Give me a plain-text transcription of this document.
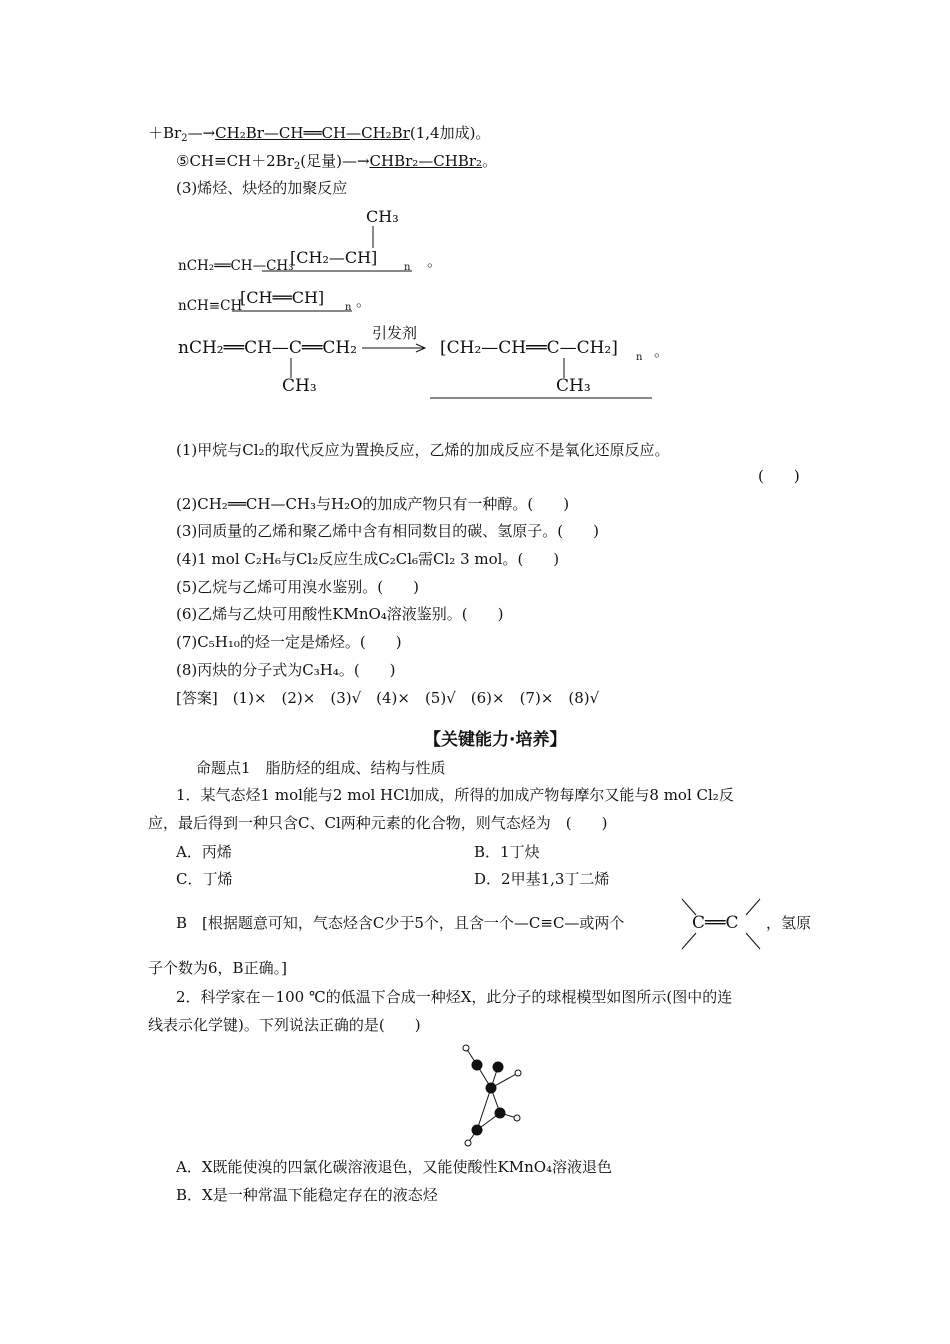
$+Br_2—\to CH_2Br—CH══CH—CH_2Br(1,4$加成)。
$⑤CH\equiv CH+2Br_2$(足量)—→CHBr₂—CHBr₂。
(3)烯烃、炔烃的加聚反应
CH₃
nCH₂══CH—CH₃
[CH₂—CH]
n 。
nCH≡CH
[CH══CH]
n 。
nCH₂══CH—C══CH₂
CH₃
引发剂
[CH₂—CH══C—CH₂] n 。
CH₃
(1)甲烷与Cl₂的取代反应为置换反应，乙烯的加成反应不是氧化还原反应。
(　　)
(2)CH₂══CH—CH₃与H₂O的加成产物只有一种醇。(　　)
(3)同质量的乙烯和聚乙烯中含有相同数目的碳、氢原子。(　　)
(4)1 mol C₂H₆与Cl₂反应生成C₂Cl₆需Cl₂ 3 mol。(　　)
(5)乙烷与乙烯可用溴水鉴别。(　　)
(6)乙烯与乙炔可用酸性KMnO₄溶液鉴别。(　　)
(7)C₅H₁₀的烃一定是烯烃。(　　)
(8)丙炔的分子式为C₃H₄。(　　)
[答案]　(1)×　(2)×　(3)√　(4)×　(5)√　(6)×　(7)×　(8)√
【关键能力·培养】
命题点1　脂肪烃的组成、结构与性质
1．某气态烃1 mol能与2 mol HCl加成，所得的加成产物每摩尔又能与8 mol Cl₂反
应，最后得到一种只含C、Cl两种元素的化合物，则气态烃为　(　　)
A．丙烯	B．1丁炔
C．丁烯	D．2甲基1,3丁二烯
B　[根据题意可知，气态烃含C少于5个，且含一个—C≡C—或两个	C══C ，氢原
子个数为6，B正确。]
2．科学家在－100 ℃的低温下合成一种烃X，此分子的球棍模型如图所示(图中的连
线表示化学键)。下列说法正确的是(　　)
A．X既能使溴的四氯化碳溶液退色，又能使酸性KMnO₄溶液退色
B．X是一种常温下能稳定存在的液态烃
